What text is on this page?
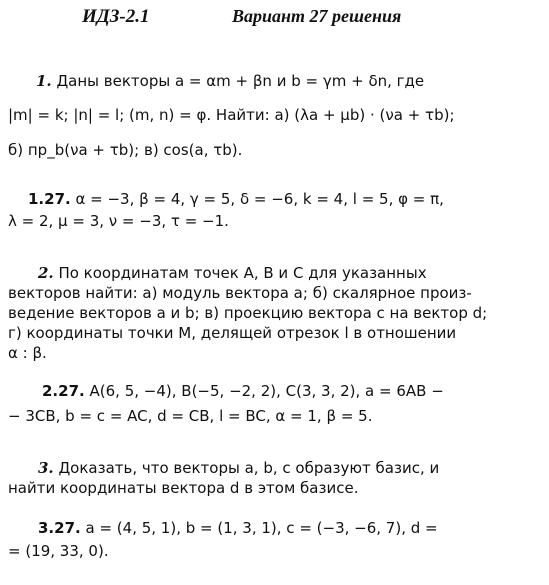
ИДЗ-2.1	Вариант 27 решения
1. Даны векторы a = αm + βn и b = γm + δn, где
|m| = k; |n| = l; (m, n) = φ. Найти: а) (λa + μb) · (νa + τb);
б) пр_b(νa + τb); в) cos(a, τb).
1.27. α = −3, β = 4, γ = 5, δ = −6, k = 4, l = 5, φ = π,
λ = 2, μ = 3, ν = −3, τ = −1.
2. По координатам точек A, B и C для указанных
векторов найти: а) модуль вектора a; б) скалярное произ-
ведение векторов a и b; в) проекцию вектора c на вектор d;
г) координаты точки M, делящей отрезок l в отношении
α : β.
2.27. A(6, 5, −4), B(−5, −2, 2), C(3, 3, 2), a = 6AB −
− 3CB, b = c = AC, d = CB, l = BC, α = 1, β = 5.
3. Доказать, что векторы a, b, c образуют базис, и
найти координаты вектора d в этом базисе.
3.27. a = (4, 5, 1), b = (1, 3, 1), c = (−3, −6, 7), d =
= (19, 33, 0).
